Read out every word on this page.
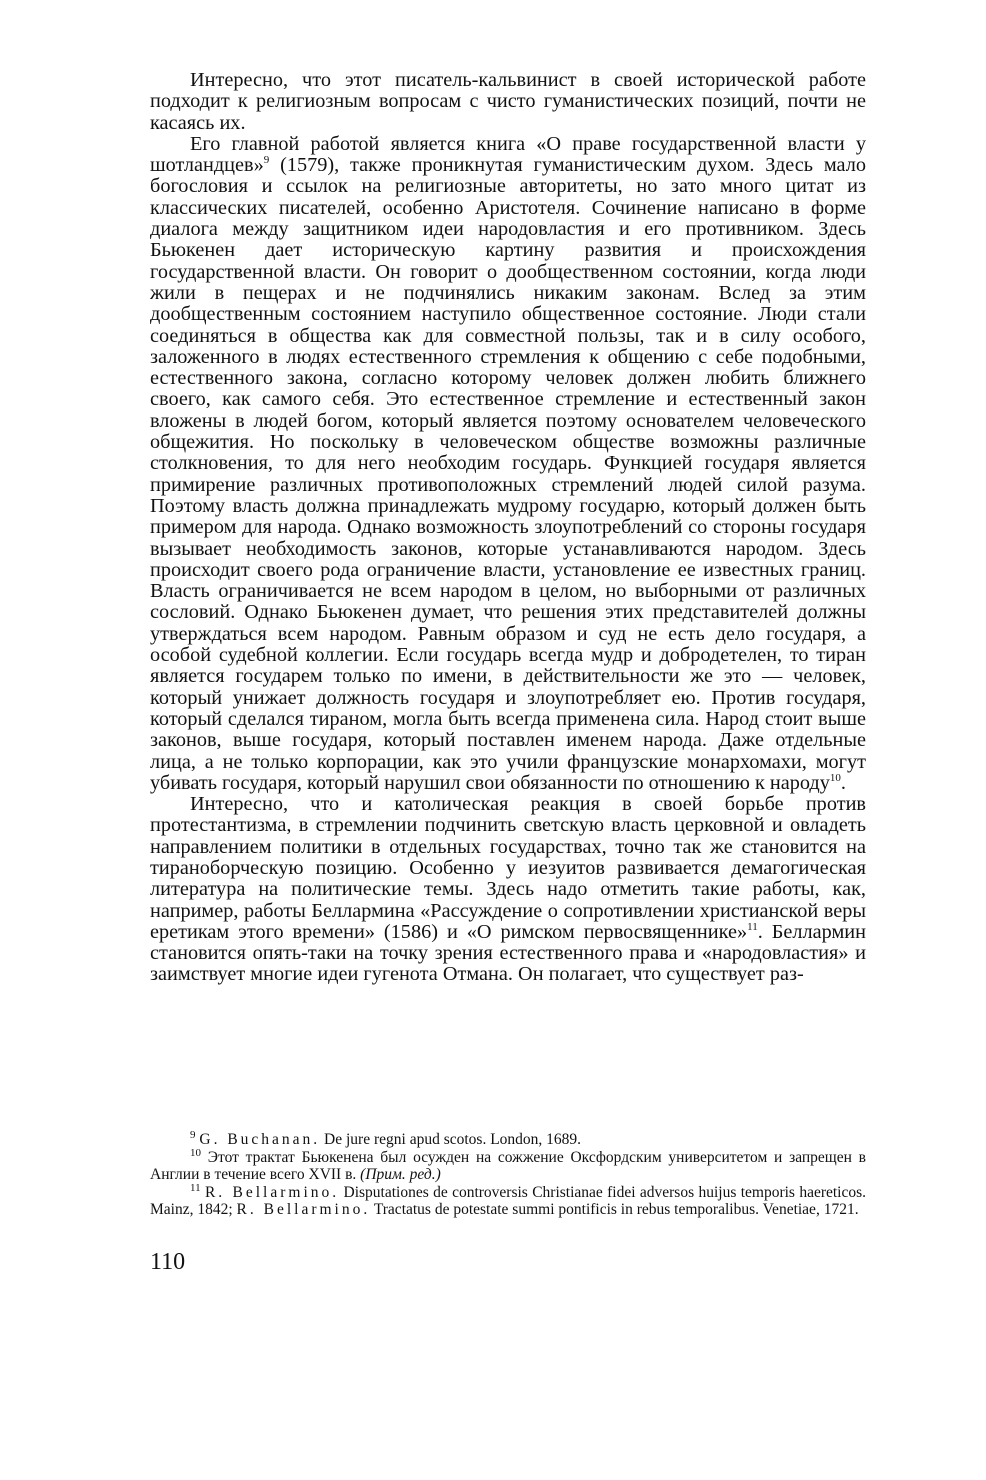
Интересно, что этот писатель-кальвинист в своей исторической работе подходит к религиозным вопросам с чисто гуманистических позиций, почти не касаясь их.

Его главной работой является книга «О праве государственной власти у шотландцев»$^9$ (1579), также проникнутая гуманистическим духом. Здесь мало богословия и ссылок на религиозные авторитеты, но зато много цитат из классических писателей, особенно Аристотеля. Сочинение написано в форме диалога между защитником идеи народовластия и его противником. Здесь Бьюкенен дает историческую картину развития и происхождения государственной власти. Он говорит о дообщественном состоянии, когда люди жили в пещерах и не подчинялись никаким законам. Вслед за этим дообщественным состоянием наступило общественное состояние. Люди стали соединяться в общества как для совместной пользы, так и в силу особого, заложенного в людях естественного стремления к общению с себе подобными, естественного закона, согласно которому человек должен любить ближнего своего, как самого себя. Это естественное стремление и естественный закон вложены в людей богом, который является поэтому основателем человеческого общежития. Но поскольку в человеческом обществе возможны различные столкновения, то для него необходим государь. Функцией государя является примирение различных противоположных стремлений людей силой разума. Поэтому власть должна принадлежать мудрому государю, который должен быть примером для народа. Однако возможность злоупотреблений со стороны государя вызывает необходимость законов, которые устанавливаются народом. Здесь происходит своего рода ограничение власти, установление ее известных границ. Власть ограничивается не всем народом в целом, но выборными от различных сословий. Однако Бьюкенен думает, что решения этих представителей должны утверждаться всем народом. Равным образом и суд не есть дело государя, а особой судебной коллегии. Если государь всегда мудр и добродетелен, то тиран является государем только по имени, в действительности же это — человек, который унижает должность государя и злоупотребляет ею. Против государя, который сделался тираном, могла быть всегда применена сила. Народ стоит выше законов, выше государя, который поставлен именем народа. Даже отдельные лица, а не только корпорации, как это учили французские монархомахи, могут убивать государя, который нарушил свои обязанности по отношению к народу$^{10}$.

Интересно, что и католическая реакция в своей борьбе против протестантизма, в стремлении подчинить светскую власть церковной и овладеть направлением политики в отдельных государствах, точно так же становится на тираноборческую позицию. Особенно у иезуитов развивается демагогическая литература на политические темы. Здесь надо отметить такие работы, как, например, работы Беллармина «Рассуждение о сопротивлении христианской веры еретикам этого времени» (1586) и «О римском первосвященнике»$^{11}$. Беллармин становится опять-таки на точку зрения естественного права и «народовластия» и заимствует многие идеи гугенота Отмана. Он полагает, что существует раз-

$^9$ G. Buchanan. De jure regni apud scotos. London, 1689.

$^{10}$ Этот трактат Бьюкенена был осужден на сожжение Оксфордским университетом и запрещен в Англии в течение всего XVII в. (Прим. ред.)

$^{11}$ R. Bellarmino. Disputationes de controversis Christianae fidei adversos huijus temporis haereticos. Mainz, 1842; R. Bellarmino. Tractatus de potestate summi pontificis in rebus temporalibus. Venetiae, 1721.

110
